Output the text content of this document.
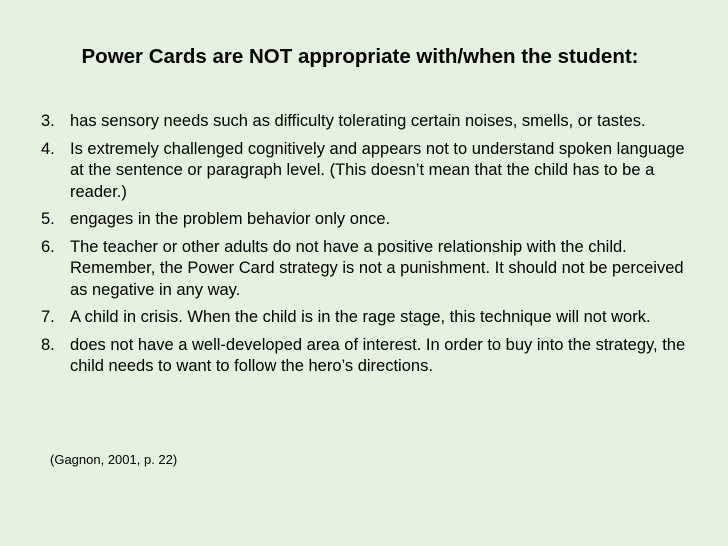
Power Cards are NOT appropriate with/when the student:
3. has sensory needs such as difficulty tolerating certain noises, smells, or tastes.
4. Is extremely challenged cognitively and appears not to understand spoken language at the sentence or paragraph level. (This doesn’t mean that the child has to be a reader.)
5. engages in the problem behavior only once.
6. The teacher or other adults do not have a positive relationship with the child. Remember, the Power Card strategy is not a punishment. It should not be perceived as negative in any way.
7. A child in crisis. When the child is in the rage stage, this technique will not work.
8. does not have a well-developed area of interest. In order to buy into the strategy, the child needs to want to follow the hero’s directions.
(Gagnon, 2001, p. 22)
